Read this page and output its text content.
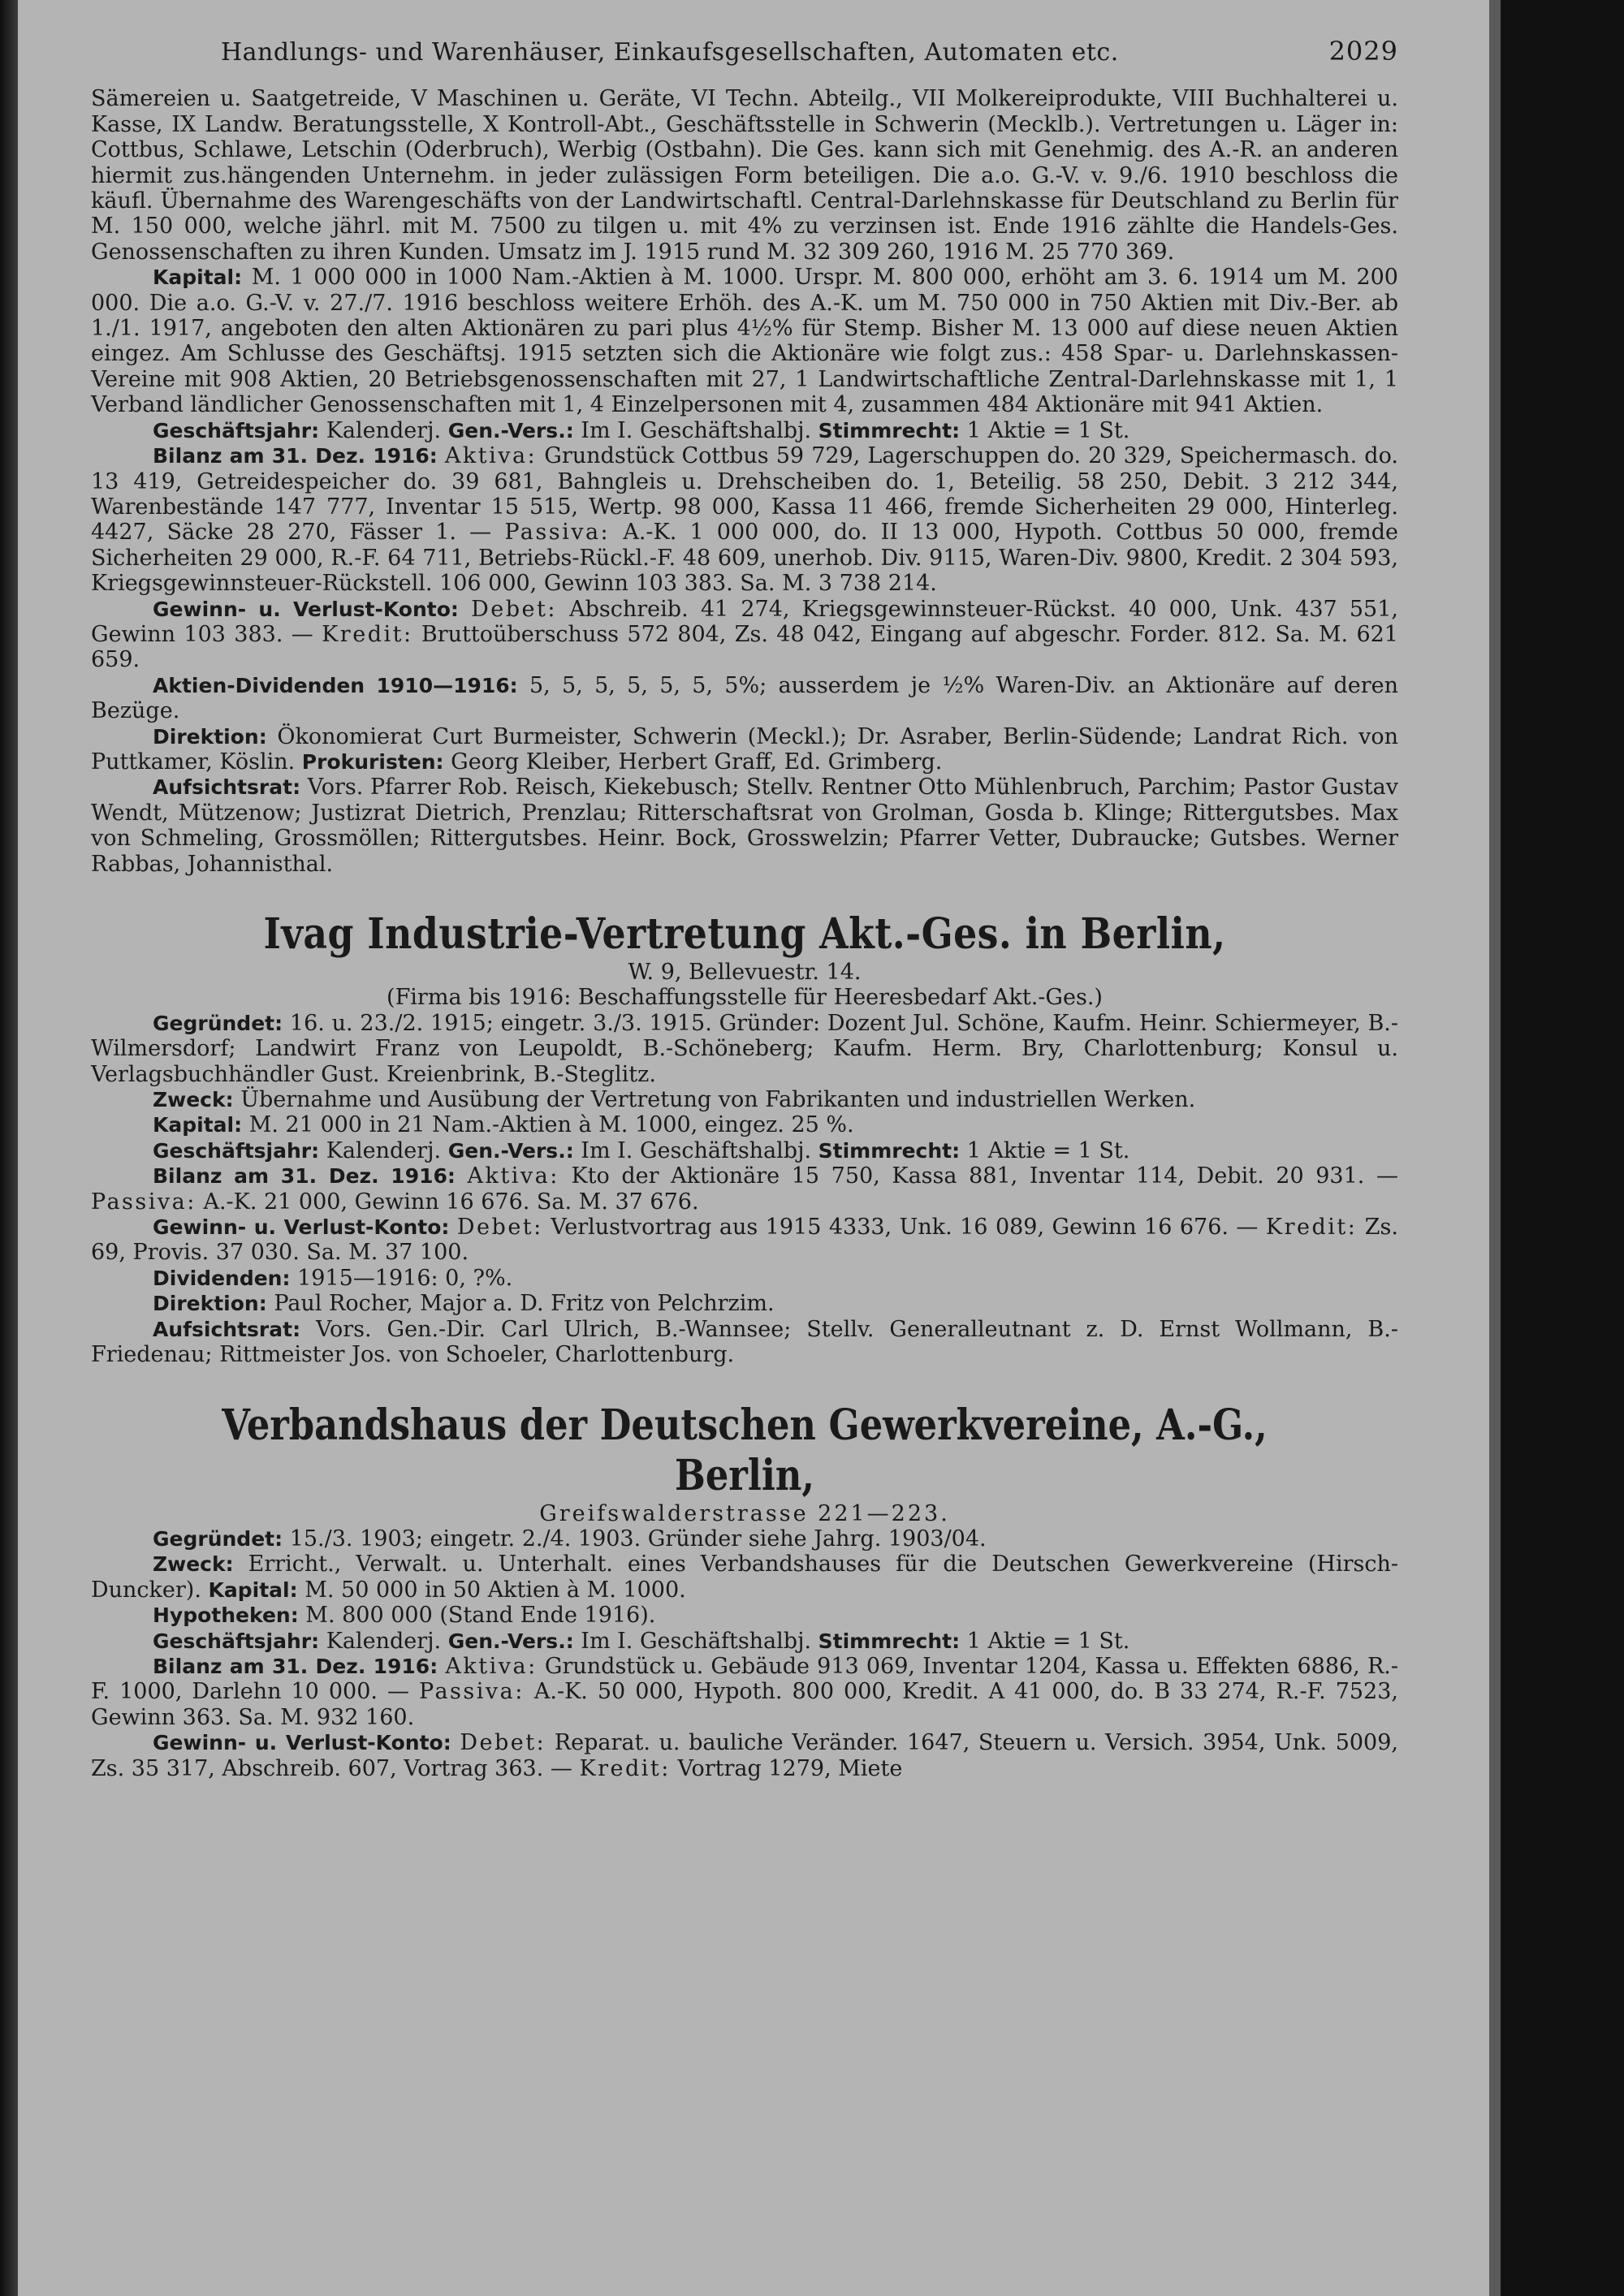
Handlungs- und Warenhäuser, Einkaufsgesellschaften, Automaten etc.	2029

Sämereien u. Saatgetreide, V Maschinen u. Geräte, VI Techn. Abteilg., VII Molkereiprodukte, VIII Buchhalterei u. Kasse, IX Landw. Beratungsstelle, X Kontroll-Abt., Geschäftsstelle in Schwerin (Mecklb.). Vertretungen u. Läger in: Cottbus, Schlawe, Letschin (Oderbruch), Werbig (Ostbahn). Die Ges. kann sich mit Genehmig. des A.-R. an anderen hiermit zus.hängenden Unternehm. in jeder zulässigen Form beteiligen. Die a.o. G.-V. v. 9./6. 1910 beschloss die käufl. Übernahme des Warengeschäfts von der Landwirtschaftl. Central-Darlehnskasse für Deutschland zu Berlin für M. 150 000, welche jährl. mit M. 7500 zu tilgen u. mit 4% zu verzinsen ist. Ende 1916 zählte die Handels-Ges. Genossenschaften zu ihren Kunden. Umsatz im J. 1915 rund M. 32 309 260, 1916 M. 25 770 369.

Kapital: M. 1 000 000 in 1000 Nam.-Aktien à M. 1000. Urspr. M. 800 000, erhöht am 3. 6. 1914 um M. 200 000. Die a.o. G.-V. v. 27./7. 1916 beschloss weitere Erhöh. des A.-K. um M. 750 000 in 750 Aktien mit Div.-Ber. ab 1./1. 1917, angeboten den alten Aktionären zu pari plus 4½% für Stemp. Bisher M. 13 000 auf diese neuen Aktien eingez. Am Schlusse des Geschäftsj. 1915 setzten sich die Aktionäre wie folgt zus.: 458 Spar- u. Darlehnskassen-Vereine mit 908 Aktien, 20 Betriebsgenossenschaften mit 27, 1 Landwirtschaftliche Zentral-Darlehnskasse mit 1, 1 Verband ländlicher Genossenschaften mit 1, 4 Einzelpersonen mit 4, zusammen 484 Aktionäre mit 941 Aktien.

Geschäftsjahr: Kalenderj. Gen.-Vers.: Im I. Geschäftshalbj. Stimmrecht: 1 Aktie = 1 St.

Bilanz am 31. Dez. 1916: Aktiva: Grundstück Cottbus 59 729, Lagerschuppen do. 20 329, Speichermasch. do. 13 419, Getreidespeicher do. 39 681, Bahngleis u. Drehscheiben do. 1, Beteilig. 58 250, Debit. 3 212 344, Warenbestände 147 777, Inventar 15 515, Wertp. 98 000, Kassa 11 466, fremde Sicherheiten 29 000, Hinterleg. 4427, Säcke 28 270, Fässer 1. — Passiva: A.-K. 1 000 000, do. II 13 000, Hypoth. Cottbus 50 000, fremde Sicherheiten 29 000, R.-F. 64 711, Betriebs-Rückl.-F. 48 609, unerhob. Div. 9115, Waren-Div. 9800, Kredit. 2 304 593, Kriegsgewinnsteuer-Rückstell. 106 000, Gewinn 103 383. Sa. M. 3 738 214.

Gewinn- u. Verlust-Konto: Debet: Abschreib. 41 274, Kriegsgewinnsteuer-Rückst. 40 000, Unk. 437 551, Gewinn 103 383. — Kredit: Bruttoüberschuss 572 804, Zs. 48 042, Eingang auf abgeschr. Forder. 812. Sa. M. 621 659.

Aktien-Dividenden 1910—1916: 5, 5, 5, 5, 5, 5, 5%; ausserdem je ½% Waren-Div. an Aktionäre auf deren Bezüge.

Direktion: Ökonomierat Curt Burmeister, Schwerin (Meckl.); Dr. Asraber, Berlin-Südende; Landrat Rich. von Puttkamer, Köslin. Prokuristen: Georg Kleiber, Herbert Graff, Ed. Grimberg.

Aufsichtsrat: Vors. Pfarrer Rob. Reisch, Kiekebusch; Stellv. Rentner Otto Mühlenbruch, Parchim; Pastor Gustav Wendt, Mützenow; Justizrat Dietrich, Prenzlau; Ritterschaftsrat von Grolman, Gosda b. Klinge; Rittergutsbes. Max von Schmeling, Grossmöllen; Rittergutsbes. Heinr. Bock, Grosswelzin; Pfarrer Vetter, Dubraucke; Gutsbes. Werner Rabbas, Johannisthal.

Ivag Industrie-Vertretung Akt.-Ges. in Berlin,

W. 9, Bellevuestr. 14.

(Firma bis 1916: Beschaffungsstelle für Heeresbedarf Akt.-Ges.)

Gegründet: 16. u. 23./2. 1915; eingetr. 3./3. 1915. Gründer: Dozent Jul. Schöne, Kaufm. Heinr. Schiermeyer, B.-Wilmersdorf; Landwirt Franz von Leupoldt, B.-Schöneberg; Kaufm. Herm. Bry, Charlottenburg; Konsul u. Verlagsbuchhändler Gust. Kreienbrink, B.-Steglitz.

Zweck: Übernahme und Ausübung der Vertretung von Fabrikanten und industriellen Werken.

Kapital: M. 21 000 in 21 Nam.-Aktien à M. 1000, eingez. 25 %.

Geschäftsjahr: Kalenderj. Gen.-Vers.: Im I. Geschäftshalbj. Stimmrecht: 1 Aktie = 1 St.

Bilanz am 31. Dez. 1916: Aktiva: Kto der Aktionäre 15 750, Kassa 881, Inventar 114, Debit. 20 931. — Passiva: A.-K. 21 000, Gewinn 16 676. Sa. M. 37 676.

Gewinn- u. Verlust-Konto: Debet: Verlustvortrag aus 1915 4333, Unk. 16 089, Gewinn 16 676. — Kredit: Zs. 69, Provis. 37 030. Sa. M. 37 100.

Dividenden: 1915—1916: 0, ?%.

Direktion: Paul Rocher, Major a. D. Fritz von Pelchrzim.

Aufsichtsrat: Vors. Gen.-Dir. Carl Ulrich, B.-Wannsee; Stellv. Generalleutnant z. D. Ernst Wollmann, B.-Friedenau; Rittmeister Jos. von Schoeler, Charlottenburg.

Verbandshaus der Deutschen Gewerkvereine, A.-G., Berlin,

Greifswalderstrasse 221—223.

Gegründet: 15./3. 1903; eingetr. 2./4. 1903. Gründer siehe Jahrg. 1903/04.

Zweck: Erricht., Verwalt. u. Unterhalt. eines Verbandshauses für die Deutschen Gewerkvereine (Hirsch-Duncker). Kapital: M. 50 000 in 50 Aktien à M. 1000.

Hypotheken: M. 800 000 (Stand Ende 1916).

Geschäftsjahr: Kalenderj. Gen.-Vers.: Im I. Geschäftshalbj. Stimmrecht: 1 Aktie = 1 St.

Bilanz am 31. Dez. 1916: Aktiva: Grundstück u. Gebäude 913 069, Inventar 1204, Kassa u. Effekten 6886, R.-F. 1000, Darlehn 10 000. — Passiva: A.-K. 50 000, Hypoth. 800 000, Kredit. A 41 000, do. B 33 274, R.-F. 7523, Gewinn 363. Sa. M. 932 160.

Gewinn- u. Verlust-Konto: Debet: Reparat. u. bauliche Veränder. 1647, Steuern u. Versich. 3954, Unk. 5009, Zs. 35 317, Abschreib. 607, Vortrag 363. — Kredit: Vortrag 1279, Miete
